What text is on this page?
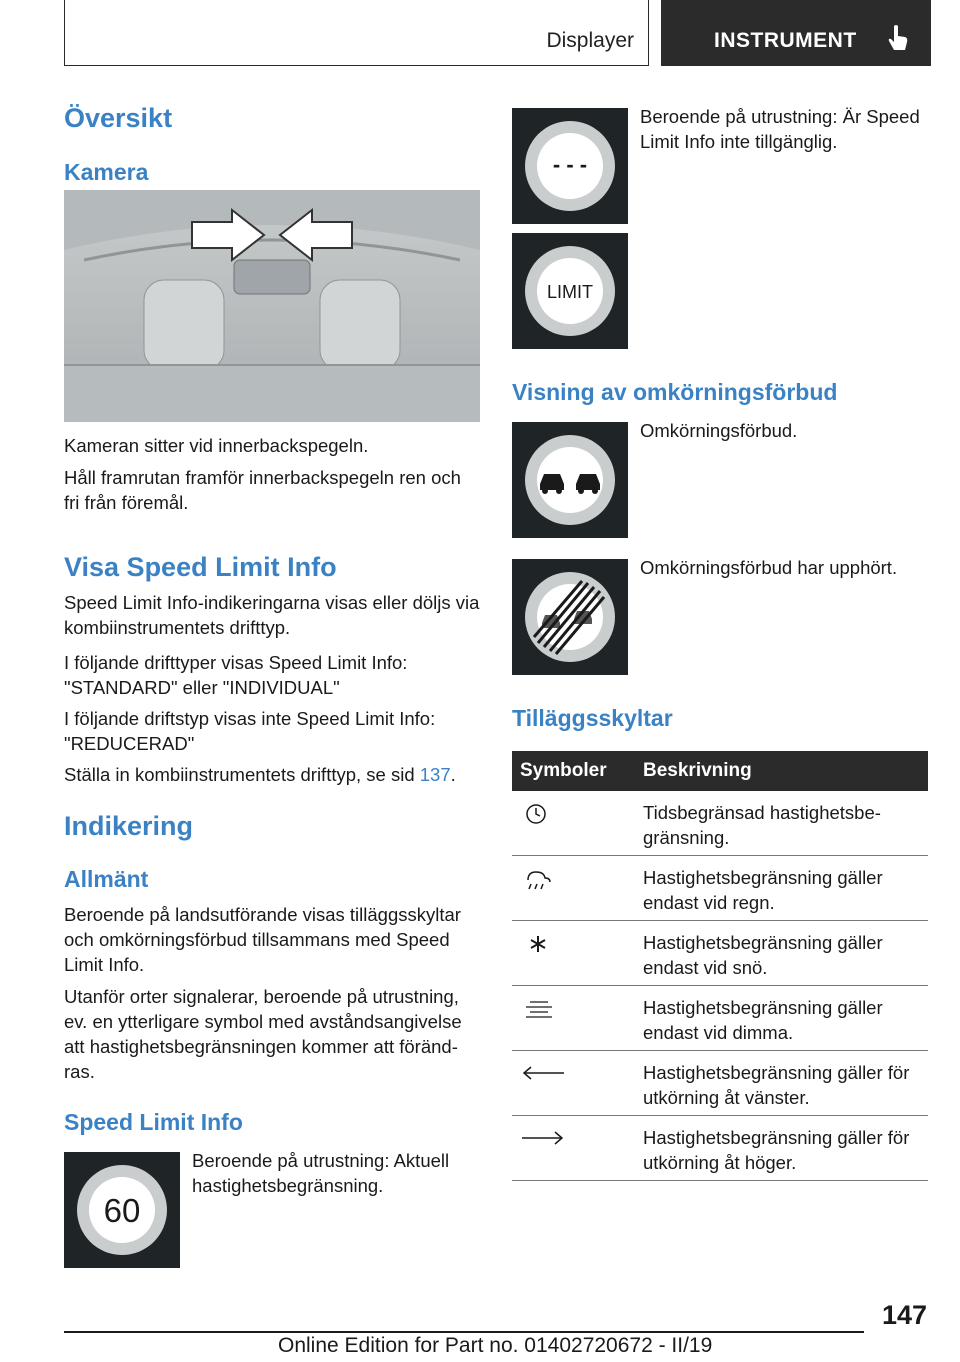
Displayer	INSTRUMENT
Översikt
Kamera
Kameran sitter vid innerbackspegeln.
Håll framrutan framför innerbackspegeln ren och fri från föremål.
Visa Speed Limit Info
Speed Limit Info-indikeringarna visas eller döljs via kombiinstrumentets drifttyp.
I följande drifttyper visas Speed Limit Info: "STANDARD" eller "INDIVIDUAL"
I följande driftstyp visas inte Speed Limit Info: "REDUCERAD"
Ställa in kombiinstrumentets drifttyp, se sid 137.
Indikering
Allmänt
Beroende på landsutförande visas tilläggsskyltar och omkörningsförbud tillsammans med Speed Limit Info.
Utanför orter signalerar, beroende på utrustning, ev. en ytterligare symbol med avståndsangivelse att hastighetsbegränsningen kommer att föränd-ras.
Speed Limit Info
60
Beroende på utrustning: Aktuell hastighetsbegränsning.
- - -
Beroende på utrustning: Är Speed Limit Info inte tillgänglig.
LIMIT
Visning av omkörningsförbud
Omkörningsförbud.
Omkörningsförbud har upphört.
Tilläggsskyltar
Symboler Beskrivning
Tidsbegränsad hastighetsbe-
gränsning.
Hastighetsbegränsning gäller
endast vid regn.
Hastighetsbegränsning gäller
endast vid snö.
Hastighetsbegränsning gäller
endast vid dimma.
Hastighetsbegränsning gäller för
utkörning åt vänster.
Hastighetsbegränsning gäller för
utkörning åt höger.
147
Online Edition for Part no. 01402720672 - II/19
